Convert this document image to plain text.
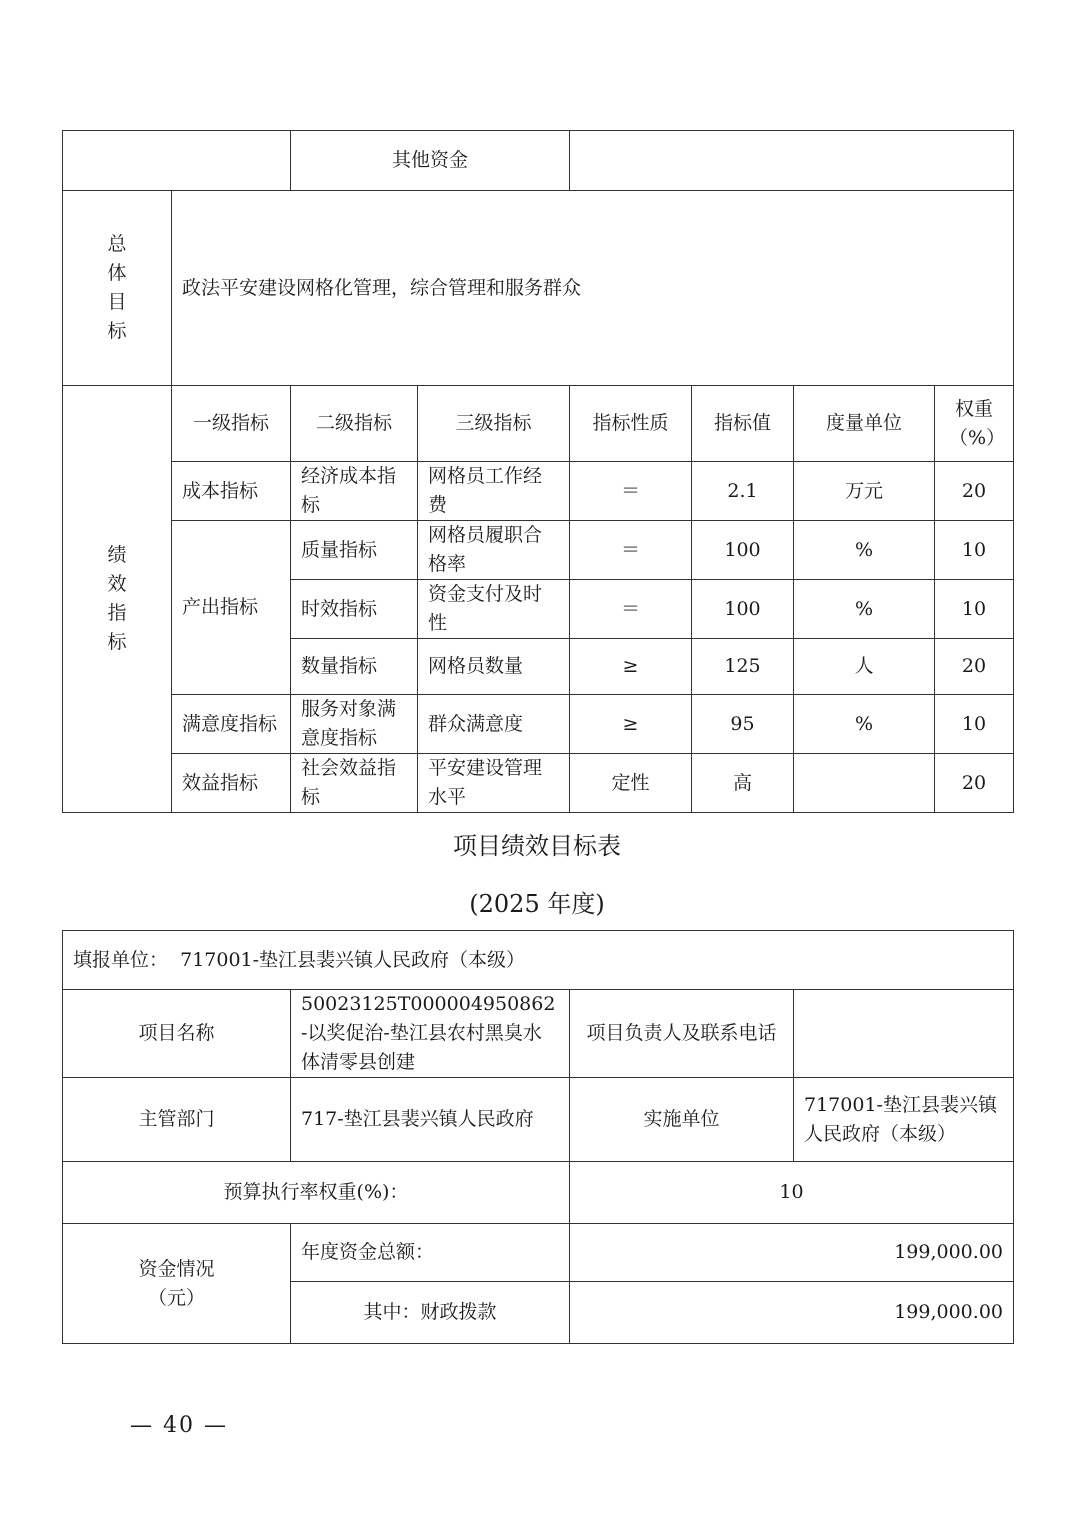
		其他资金					

总
体
目
标	政法平安建设网格化管理，综合管理和服务群众						

绩
效
指
标	一级指标	二级指标	三级指标	指标性质	指标值	度量单位	权重（%）
	成本指标	经济成本指标	网格员工作经费	＝	2.1	万元	20
	产出指标	质量指标	网格员履职合格率	＝	100	%	10
		时效指标	资金支付及时性	＝	100	%	10
		数量指标	网格员数量	≥	125	人	20
	满意度指标	服务对象满意度指标	群众满意度	≥	95	%	10
	效益指标	社会效益指标	平安建设管理水平	定性	高		20
项目绩效目标表
(2025 年度)
填报单位： 717001-垫江县裴兴镇人民政府（本级）			
项目名称	50023125T000004950862-以奖促治-垫江县农村黑臭水体清零县创建	项目负责人及联系电话	
主管部门	717-垫江县裴兴镇人民政府	实施单位	717001-垫江县裴兴镇人民政府（本级）
预算执行率权重(%)：		10	
资金情况（元）	年度资金总额：	199,000.00	
	其中：财政拨款	199,000.00	
— 40 —
